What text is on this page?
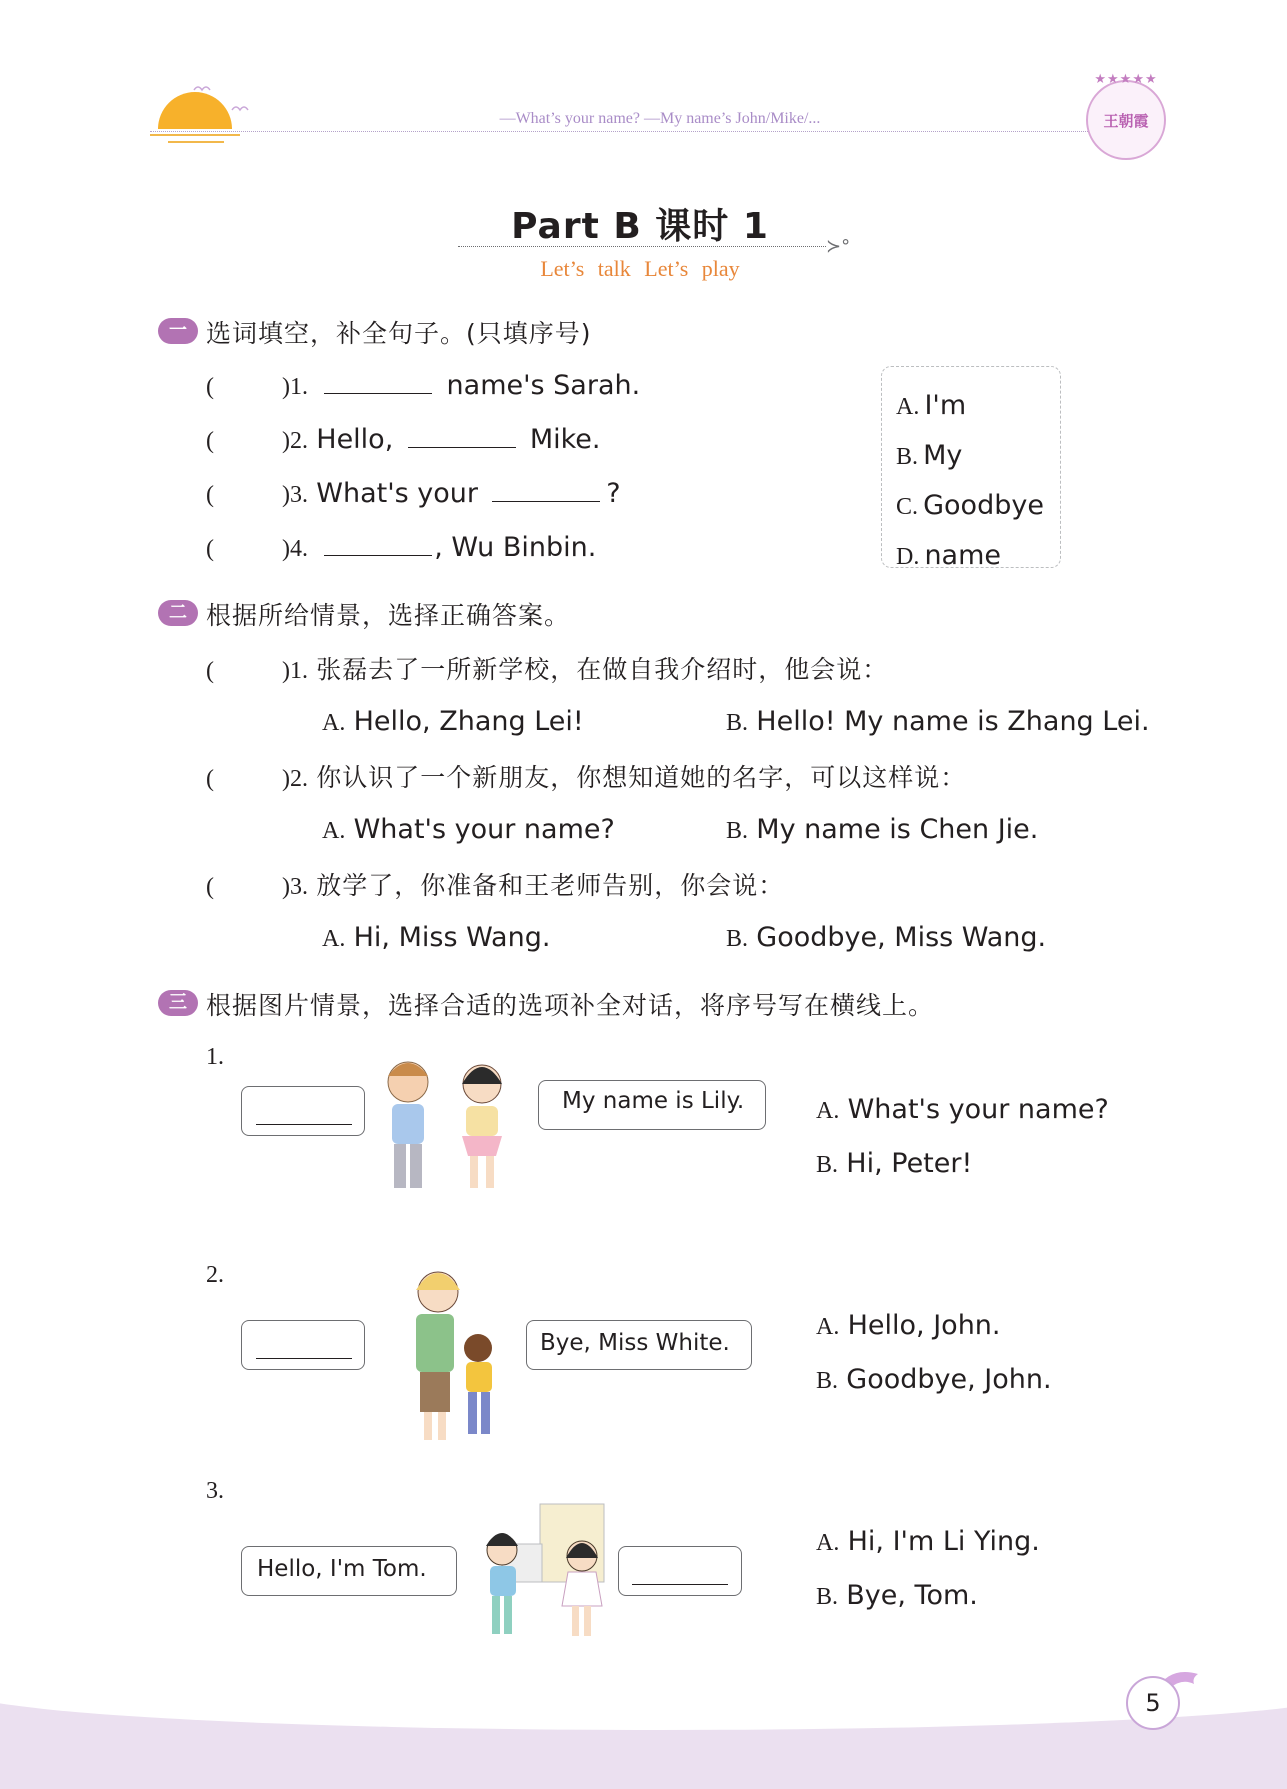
—What’s your name? —My name’s John/Mike/...
★★★★★
王朝霞
Part B 课时 1	≻°
Let’s talk Let’s play
一 选词填空，补全句子。(只填序号)
(	)1.	name's Sarah.
(	)2. Hello,	Mike.
(	)3. What's your	?
(	)4.	, Wu Binbin.
A. I'm
B. My
C. Goodbye
D. name
二 根据所给情景，选择正确答案。
(	)1. 张磊去了一所新学校，在做自我介绍时，他会说：
A. Hello, Zhang Lei!	B. Hello! My name is Zhang Lei.
(	)2. 你认识了一个新朋友，你想知道她的名字，可以这样说：
A. What's your name?	B. My name is Chen Jie.
(	)3. 放学了，你准备和王老师告别，你会说：
A. Hi, Miss Wang.	B. Goodbye, Miss Wang.
三 根据图片情景，选择合适的选项补全对话，将序号写在横线上。
1.
My name is Lily.	A. What's your name?
B. Hi, Peter!
2.
Bye, Miss White.
A. Hello, John.
B. Goodbye, John.
3.
Hello, I'm Tom.
A. Hi, I'm Li Ying.
B. Bye, Tom.
5
